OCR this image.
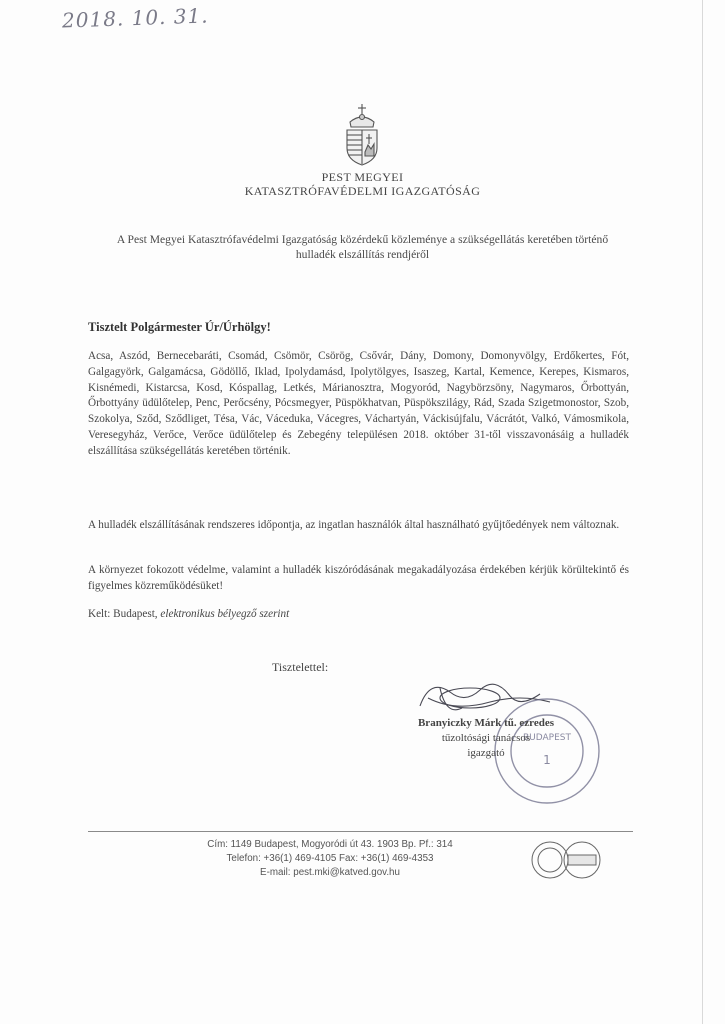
2018. 10. 31.
PEST MEGYEI
KATASZTRÓFAVÉDELMI IGAZGATÓSÁG
A Pest Megyei Katasztrófavédelmi Igazgatóság közérdekű közleménye a szükségellátás keretében történő hulladék elszállítás rendjéről
Tisztelt Polgármester Úr/Úrhölgy!
Acsa, Aszód, Bernecebaráti, Csomád, Csömör, Csörög, Csővár, Dány, Domony, Domonyvölgy, Erdőkertes, Fót, Galgagyörk, Galgamácsa, Gödöllő, Iklad, Ipolydamásd, Ipolytölgyes, Isaszeg, Kartal, Kemence, Kerepes, Kismaros, Kisnémedi, Kistarcsa, Kosd, Kóspallag, Letkés, Márianosztra, Mogyoród, Nagybörzsöny, Nagymaros, Őrbottyán, Őrbottyány üdülőtelep, Penc, Perőcsény, Pócsmegyer, Püspökhatvan, Püspökszilágy, Rád, Szada Szigetmonostor, Szob, Szokolya, Sződ, Sződliget, Tésa, Vác, Váceduka, Vácegres, Váchartyán, Váckisújfalu, Vácrátót, Valkó, Vámosmikola, Veresegyház, Verőce, Verőce üdülőtelep és Zebegény településen 2018. október 31-től visszavonásáig a hulladék elszállítása szükségellátás keretében történik.
A hulladék elszállításának rendszeres időpontja, az ingatlan használók által használható gyűjtőedények nem változnak.
A környezet fokozott védelme, valamint a hulladék kiszóródásának megakadályozása érdekében kérjük körültekintő és figyelmes közreműködésüket!
Kelt: Budapest, elektronikus bélyegző szerint
Tisztelettel:
BUDAPEST
1
Branyiczky Márk tű. ezredes
tűzoltósági tanácsos
igazgató
Cím: 1149 Budapest, Mogyoródi út 43. 1903 Bp. Pf.: 314
Telefon: +36(1) 469-4105 Fax: +36(1) 469-4353
E-mail: pest.mki@katved.gov.hu
